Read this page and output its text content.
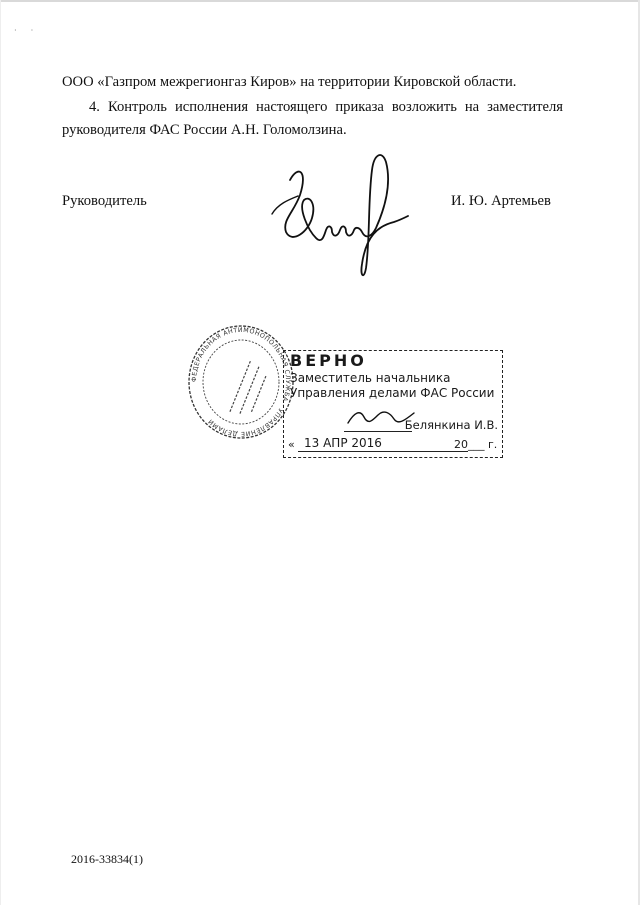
· ·
ООО «Газпром межрегионгаз Киров» на территории Кировской области.
4. Контроль исполнения настоящего приказа возложить на заместителя руководителя ФАС России А.Н. Голомолзина.
Руководитель	И. Ю. Артемьев
ФЕДЕРАЛЬНАЯ АНТИМОНОПОЛЬНАЯ СЛУЖБА · УПРАВЛЕНИЕ ДЕЛАМИ
ВЕРНО
Заместитель начальника
Управления делами ФАС России
Белянкина И.В.
« 13 АПР 2016	20___ г.
2016-33834(1)
